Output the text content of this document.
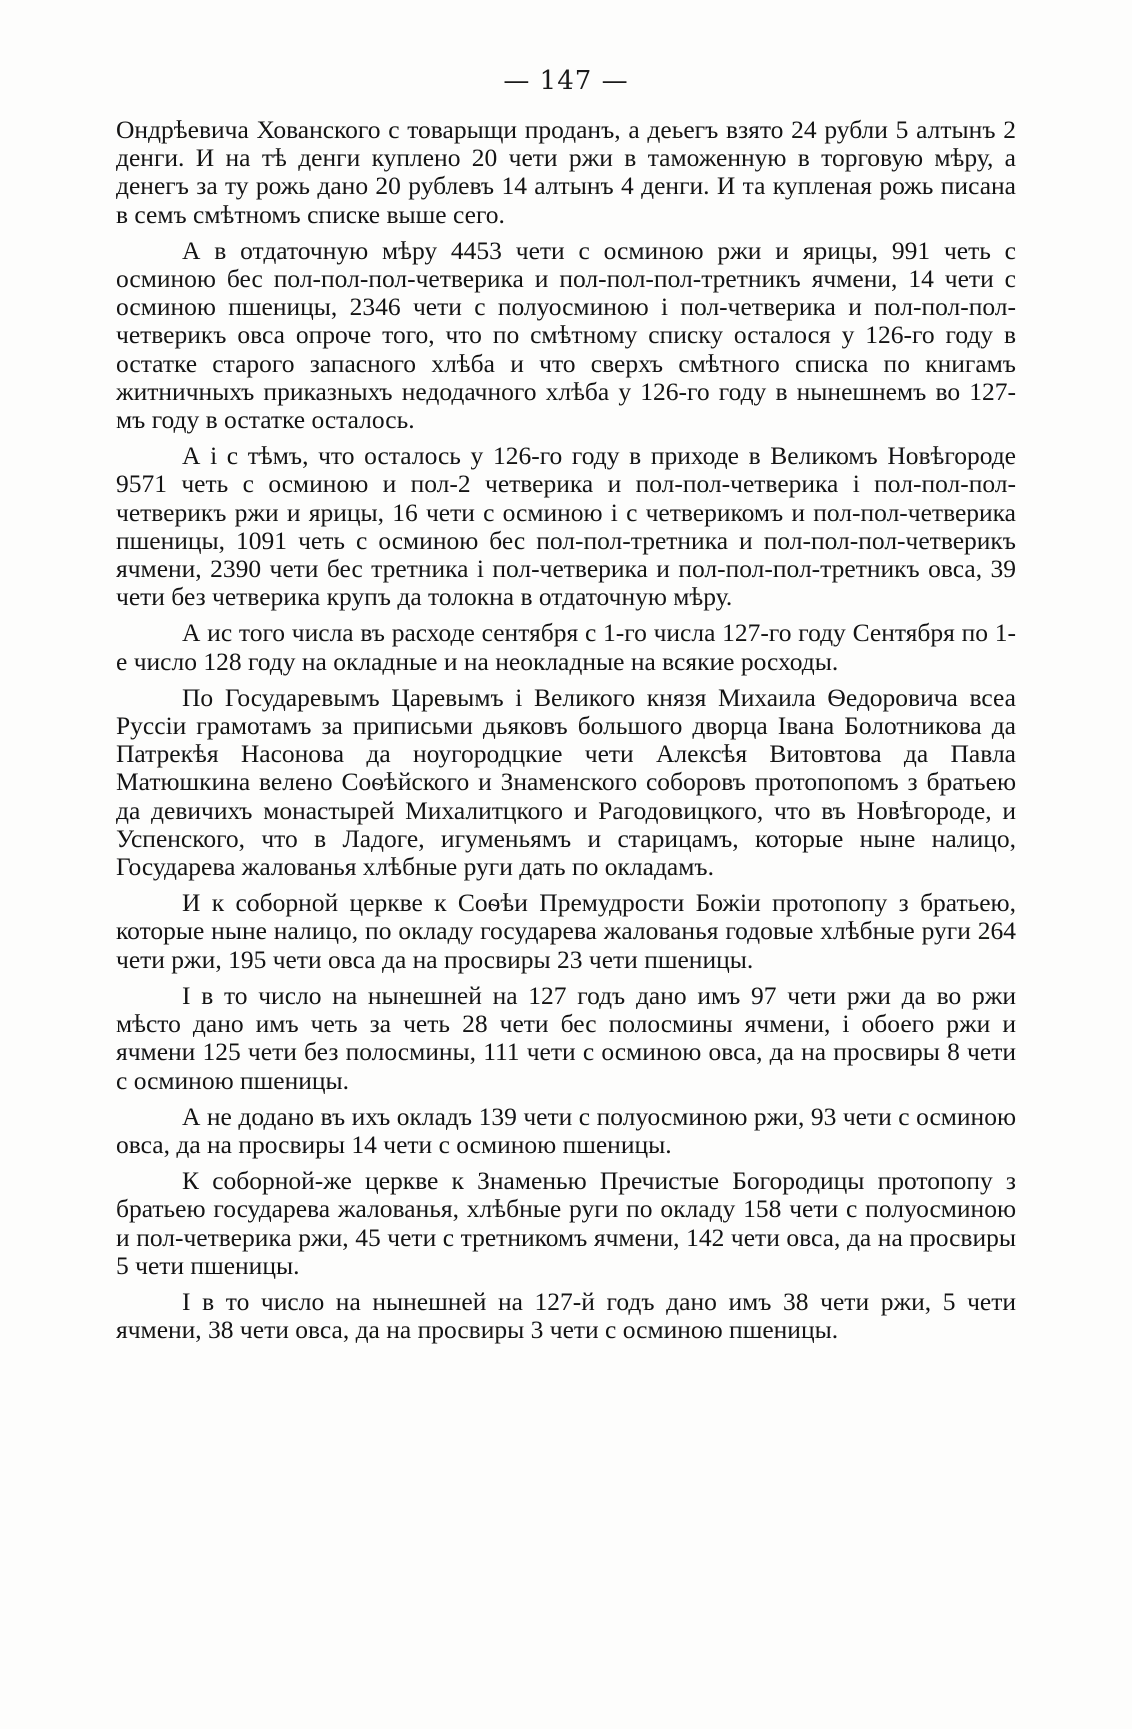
— 147 —

Ондрѣевича Хованского с товарыщи проданъ, а деьегъ взято 24 рубли 5 алтынъ 2 денги. И на тѣ денги куплено 20 чети ржи в таможенную в торговую мѣру, а денегъ за ту рожь дано 20 рублевъ 14 алтынъ 4 денги. И та купленая рожь писана в семъ смѣтномъ списке выше сего.

А в отдаточную мѣру 4453 чети с осминою ржи и ярицы, 991 четь с осминою бес пол-пол-пол-четверика и пол-пол-пол-третникъ ячмени, 14 чети с осминою пшеницы, 2346 чети с полуосминою і пол-четверика и пол-пол-пол-четверикъ овса опроче того, что по смѣтному списку осталося у 126-го году в остатке старого запасного хлѣба и что сверхъ смѣтного списка по книгамъ житничныхъ приказныхъ недодачного хлѣба у 126-го году в нынешнемъ во 127-мъ году в остатке осталось.

А і с тѣмъ, что осталось у 126-го году в приходе в Великомъ Новѣгороде 9571 четь с осминою и пол-2 четверика и пол-пол-четверика і пол-пол-пол-четверикъ ржи и ярицы, 16 чети с осминою і с четверикомъ и пол-пол-четверика пшеницы, 1091 четь с осминою бес пол-пол-третника и пол-пол-пол-четверикъ ячмени, 2390 чети бес третника і пол-четверика и пол-пол-пол-третникъ овса, 39 чети без четверика крупъ да толокна в отдаточную мѣру.

А ис того числа въ расходе сентября с 1-го числа 127-го году Сентября по 1-е число 128 году на окладные и на неокладные на всякие росходы.

По Государевымъ Царевымъ і Великого князя Михаила Ѳедоровича всеа Руссіи грамотамъ за приписьми дьяковъ большого дворца Івана Болотникова да Патрекѣя Насонова да ноугородцкие чети Алексѣя Витовтова да Павла Матюшкина велено Соѳѣйского и Знаменского соборовъ протопопомъ з братьею да девичихъ монастырей Михалитцкого и Рагодовицкого, что въ Новѣгороде, и Успенского, что в Ладоге, игуменьямъ и старицамъ, которые ныне налицо, Государева жалованья хлѣбные руги дать по окладамъ.

И к соборной церкве к Соѳѣи Премудрости Божіи протопопу з братьею, которые ныне налицо, по окладу государева жалованья годовые хлѣбные руги 264 чети ржи, 195 чети овса да на просвиры 23 чети пшеницы.

І в то число на нынешней на 127 годъ дано имъ 97 чети ржи да во ржи мѣсто дано имъ четь за четь 28 чети бес полосмины ячмени, і обоего ржи и ячмени 125 чети без полосмины, 111 чети с осминою овса, да на просвиры 8 чети с осминою пшеницы.

А не додано въ ихъ окладъ 139 чети с полуосминою ржи, 93 чети с осминою овса, да на просвиры 14 чети с осминою пшеницы.

К соборной-же церкве к Знаменью Пречистые Богородицы протопопу з братьею государева жалованья, хлѣбные руги по окладу 158 чети с полуосминою и пол-четверика ржи, 45 чети с третникомъ ячмени, 142 чети овса, да на просвиры 5 чети пшеницы.

І в то число на нынешней на 127-й годъ дано имъ 38 чети ржи, 5 чети ячмени, 38 чети овса, да на просвиры 3 чети с осминою пшеницы.
